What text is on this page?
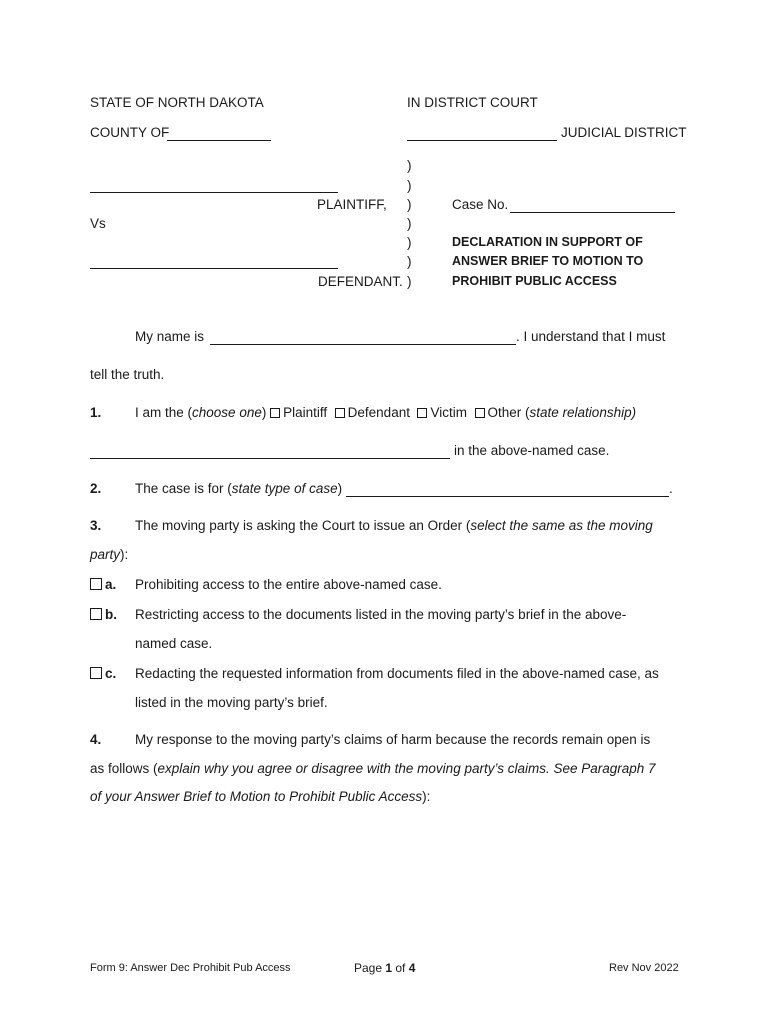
STATE OF NORTH DAKOTA	IN DISTRICT COURT
COUNTY OF	JUDICIAL DISTRICT
)
)
)
)
)
)
)
PLAINTIFF,
Vs
DEFENDANT.
Case No.
DECLARATION IN SUPPORT OF
ANSWER BRIEF TO MOTION TO
PROHIBIT PUBLIC ACCESS
My name is	. I understand that I must
tell the truth.
1. I am the (choose one) Plaintiff Defendant Victim Other (state relationship)
in the above-named case.
2. The case is for (state type of case)	.
3. The moving party is asking the Court to issue an Order (select the same as the moving
party):
a. Prohibiting access to the entire above-named case.
b. Restricting access to the documents listed in the moving party’s brief in the above-
named case.
c. Redacting the requested information from documents filed in the above-named case, as
listed in the moving party’s brief.
4. My response to the moving party’s claims of harm because the records remain open is
as follows (explain why you agree or disagree with the moving party’s claims. See Paragraph 7
of your Answer Brief to Motion to Prohibit Public Access):
Form 9: Answer Dec Prohibit Pub Access	Page 1 of 4	Rev Nov 2022
